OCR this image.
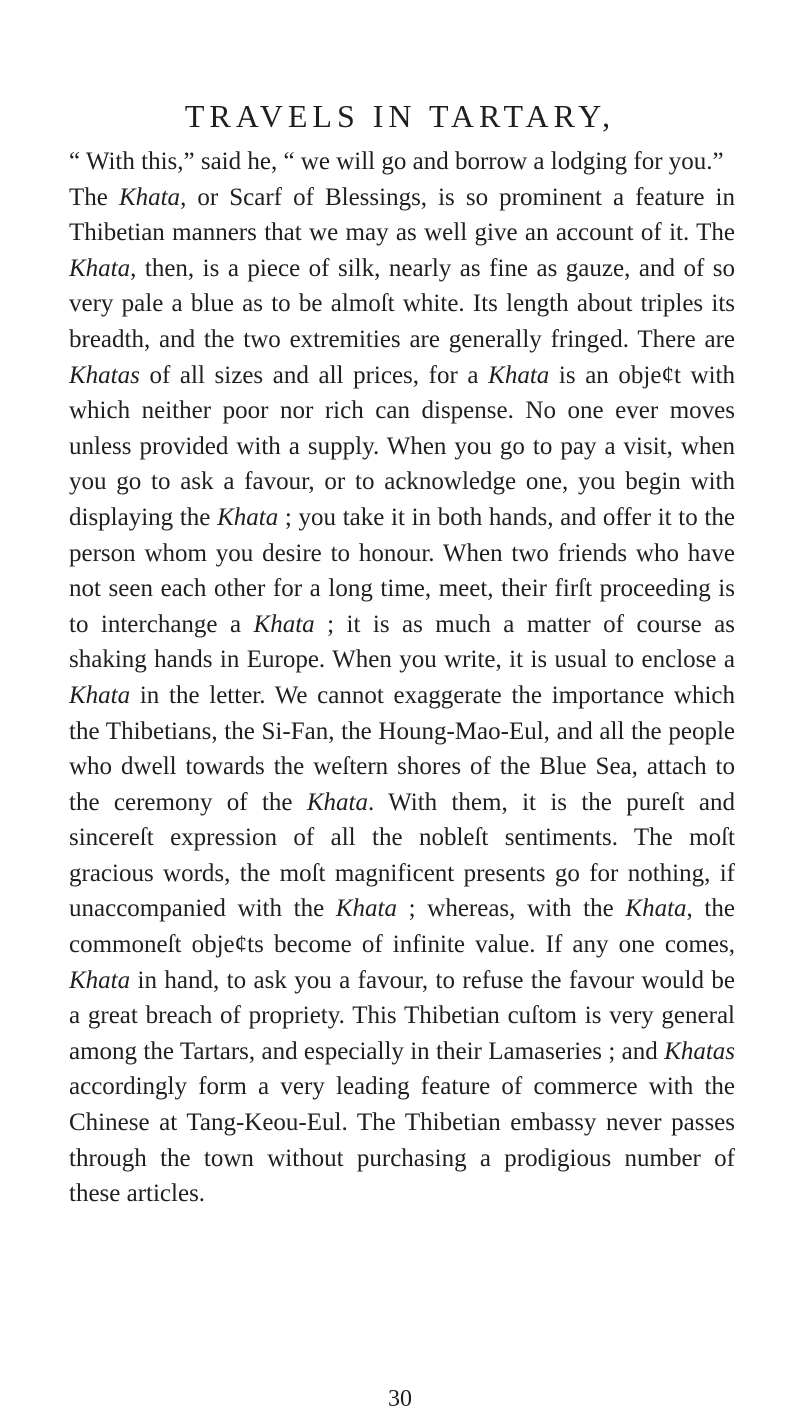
TRAVELS IN TARTARY,

“ With this,” said he, “ we will go and borrow a lodging for you.”

The Khata, or Scarf of Blessings, is so prominent a feature in Thibetian manners that we may as well give an account of it. The Khata, then, is a piece of silk, nearly as fine as gauze, and of so very pale a blue as to be almoſt white. Its length about triples its breadth, and the two extremities are generally fringed. There are Khatas of all sizes and all prices, for a Khata is an obje¢t with which neither poor nor rich can dispense. No one ever moves unless provided with a supply. When you go to pay a visit, when you go to ask a favour, or to acknowledge one, you begin with displaying the Khata ; you take it in both hands, and offer it to the person whom you desire to honour. When two friends who have not seen each other for a long time, meet, their firſt proceeding is to interchange a Khata ; it is as much a matter of course as shaking hands in Europe. When you write, it is usual to enclose a Khata in the letter. We cannot exaggerate the importance which the Thibetians, the Si-Fan, the Houng-Mao-Eul, and all the people who dwell towards the weſtern shores of the Blue Sea, attach to the ceremony of the Khata. With them, it is the pureſt and sincereſt expression of all the nobleſt sentiments. The moſt gracious words, the moſt magnificent presents go for nothing, if unaccompanied with the Khata ; whereas, with the Khata, the commoneſt obje¢ts become of infinite value. If any one comes, Khata in hand, to ask you a favour, to refuse the favour would be a great breach of propriety. This Thibetian cuſtom is very general among the Tartars, and especially in their Lamaseries ; and Khatas accordingly form a very leading feature of commerce with the Chinese at Tang-Keou-Eul. The Thibetian embassy never passes through the town without purchasing a prodigious number of these articles.

30
